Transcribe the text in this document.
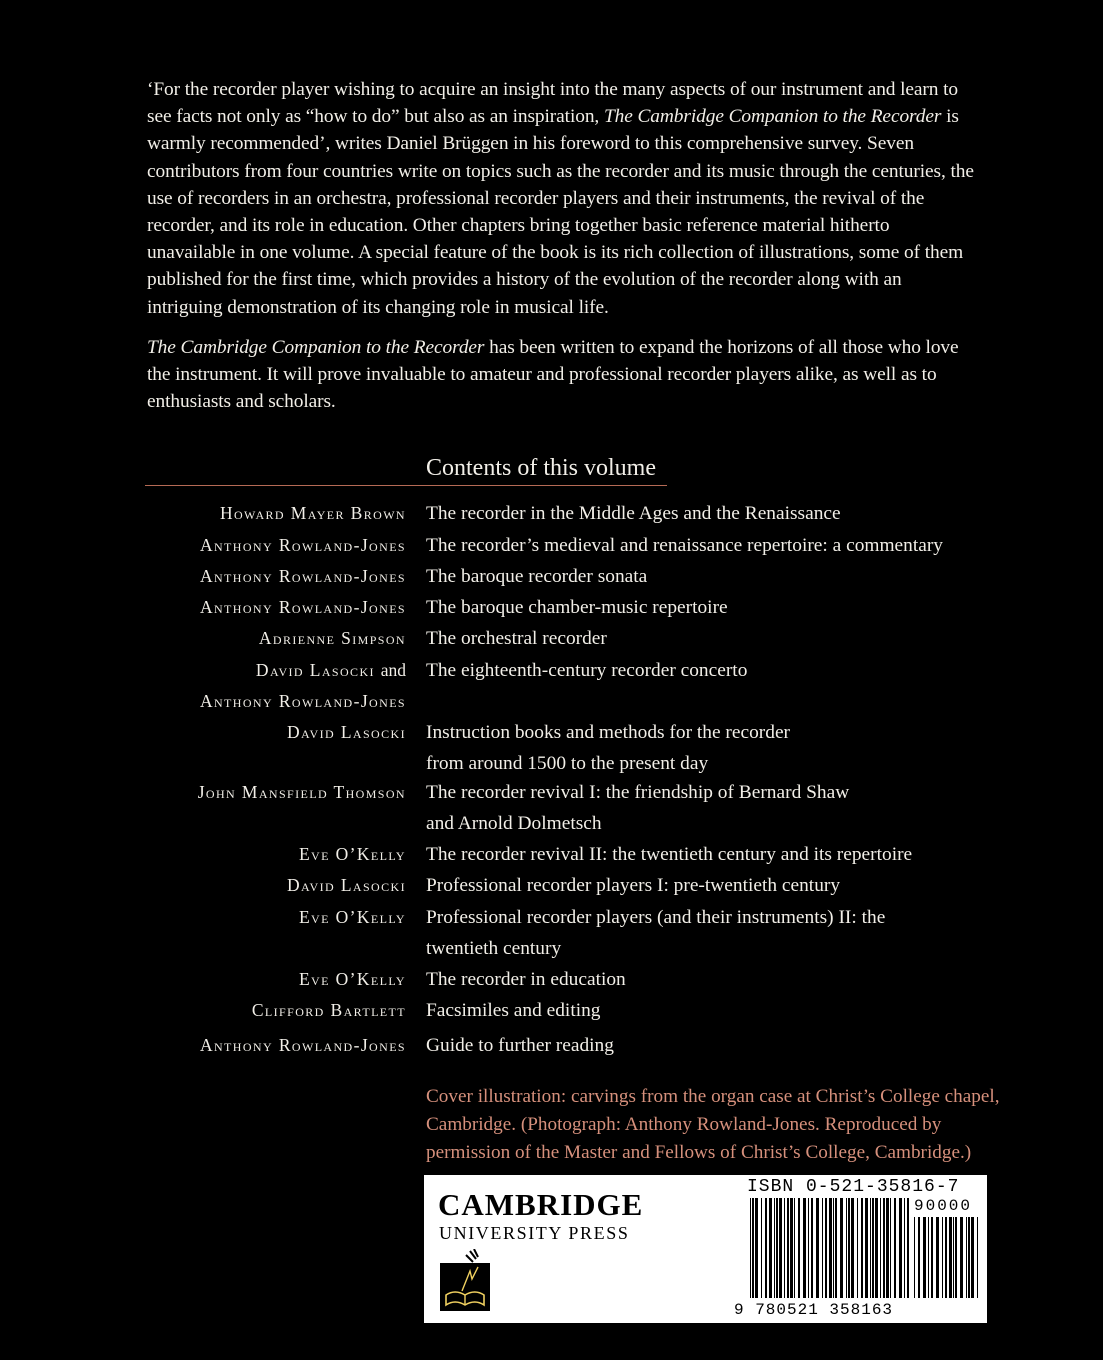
‘For the recorder player wishing to acquire an insight into the many aspects of our instrument and learn to see facts not only as “how to do” but also as an inspiration, The Cambridge Companion to the Recorder is warmly recommended’, writes Daniel Brüggen in his foreword to this comprehensive survey. Seven contributors from four countries write on topics such as the recorder and its music through the centuries, the use of recorders in an orchestra, professional recorder players and their instruments, the revival of the recorder, and its role in education. Other chapters bring together basic reference material hitherto unavailable in one volume. A special feature of the book is its rich collection of illustrations, some of them published for the first time, which provides a history of the evolution of the recorder along with an intriguing demonstration of its changing role in musical life.

The Cambridge Companion to the Recorder has been written to expand the horizons of all those who love the instrument. It will prove invaluable to amateur and professional recorder players alike, as well as to enthusiasts and scholars.

Contents of this volume
Howard Mayer Brown The recorder in the Middle Ages and the Renaissance
Anthony Rowland-Jones The recorder’s medieval and renaissance repertoire: a commentary
Anthony Rowland-Jones The baroque recorder sonata
Anthony Rowland-Jones The baroque chamber-music repertoire
Adrienne Simpson The orchestral recorder
David Lasocki and
Anthony Rowland-Jones
The eighteenth-century recorder concerto
David Lasocki Instruction books and methods for the recorder
from around 1500 to the present day
John Mansfield Thomson The recorder revival I: the friendship of Bernard Shaw
and Arnold Dolmetsch
Eve O’Kelly The recorder revival II: the twentieth century and its repertoire
David Lasocki Professional recorder players I: pre-twentieth century
Eve O’Kelly Professional recorder players (and their instruments) II: the
twentieth century
Eve O’Kelly The recorder in education
Clifford Bartlett Facsimiles and editing
Anthony Rowland-Jones Guide to further reading
Cover illustration: carvings from the organ case at Christ’s College chapel, Cambridge. (Photograph: Anthony Rowland-Jones. Reproduced by permission of the Master and Fellows of Christ’s College, Cambridge.)
CAMBRIDGE
UNIVERSITY PRESS
ISBN 0-521-35816-7
90000
9 780521 358163
